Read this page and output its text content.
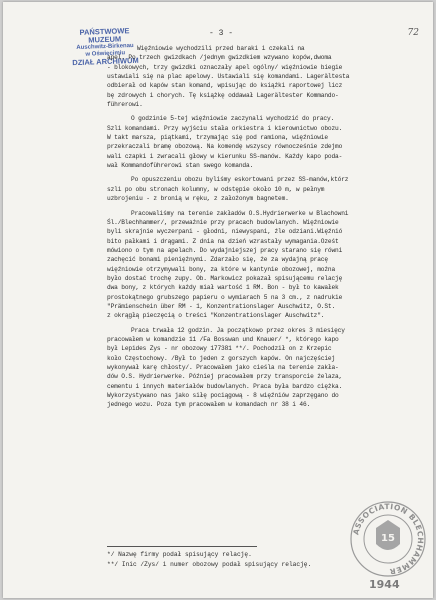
PAŃSTWOWE MUZEUM
Auschwitz-Birkenau
w Oświęcimiu
DZIAŁ ARCHIWUM
- 3 -	72
Więźniowie wychodzili przed baraki i czekali na
apel. Po trzech gwizdkach /jednym gwizdkiem wzywano kopów,dwoma
- blokowych, trzy gwizdki oznaczały apel ogólny/ więźniowie biegie
ustawiali się na plac apelowy. Ustawiali się komandami. Lagerältesta
odbierał od kapów stan komand, wpisując do książki raportowej licz
bę zdrowych i chorych. Tę książkę oddawał Lagerältester Kommando-
führerowi.
O godzinie 5-tej więźniowie zaczynali wychodzić do pracy.
Szli komandami. Przy wyjściu stała orkiestra i kierownictwo obozu.
W takt marsza, piątkami, trzymając się pod ramiona, więźniowie
przekraczali bramę obozową. Na komendę wszyscy równocześnie zdejmo
wali czapki i zwracali głowy w kierunku SS-manów. Każdy kapo poda-
wał Kommandoführerowi stan swego komanda.
Po opuszczeniu obozu byliśmy eskortowani przez SS-manów,którz
szli po obu stronach kolumny, w odstępie około 10 m, w pełnym
uzbrojeniu - z bronią w ręku, z założonym bagnetem.
Pracowaliśmy na terenie zakładów O.S.Hydrierwerke w Blachowni
Śl./Blechhammer/, przeważnie przy pracach budowlanych. Więźniowie
byli skrajnie wyczerpani - głodni, niewyspani, źle odziani.Więźnió
bito pałkami i drągami. Z dnia na dzień wzrastały wymagania.Oześt
mówiono o tym na apelach. Do wydajniejszej pracy starano się równi
zachęcić bonami pieniężnymi. Zdarzało się, że za wydajną pracę
więźniowie otrzymywali bony, za które w kantynie obozowej, można
było dostać trochę zupy. Ob. Markowicz pokazał spisującemu relację
dwa bony, z których każdy miał wartość 1 RM. Bon - był to kawałek
prostokątnego grubszego papieru o wymiarach 5 na 3 cm., z nadrukie
"Prämienschein über RM - 1, Konzentrationslager Auschwitz, O.St.
z okrągłą pieczęcią o treści "Konzentrationslager Auschwitz".
Praca trwała 12 godzin. Ja początkowo przez okres 3 miesięcy
pracowałem w komandzie 11 /Fa Bosswan und Knauer/ *, którego kapo
był Lepides Zys - nr obozowy 177381 **/. Pochodził on z Krzepic
koło Częstochowy. /Był to jeden z gorszych kapów. On najczęściej
wykonywał karę chłosty/. Pracowałem jako cieśla na terenie zakła-
dów O.S. Hydrierwerke. Później pracowałem przy transporcie żelaza,
cementu i innych materiałów budowlanych. Praca była bardzo ciężka.
Wykorzystywano nas jako siłę pociągową - 8 więźniów zaprzęgano do
jednego wozu. Poza tym pracowałem w komandach nr 38 i 46.
*/ Nazwę firmy podał spisujący relację.
**/ Inic /Zys/ i numer obozowy podał spisujący relację.
ASSOCIATION BLECHHAMMER
15
1944
